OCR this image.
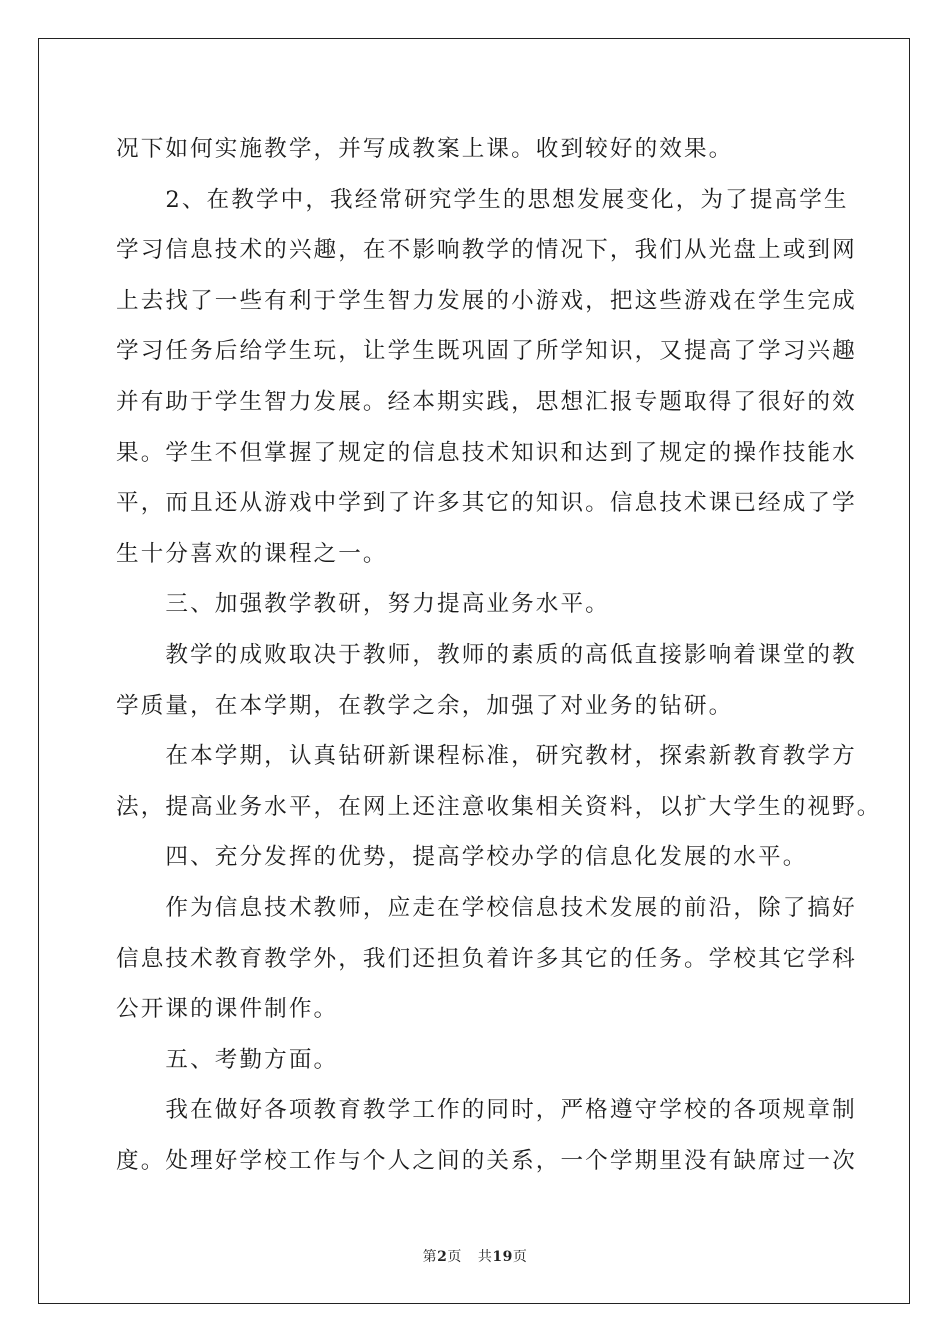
况下如何实施教学，并写成教案上课。收到较好的效果。
　　2、在教学中，我经常研究学生的思想发展变化，为了提高学生
学习信息技术的兴趣，在不影响教学的情况下，我们从光盘上或到网
上去找了一些有利于学生智力发展的小游戏，把这些游戏在学生完成
学习任务后给学生玩，让学生既巩固了所学知识，又提高了学习兴趣
并有助于学生智力发展。经本期实践，思想汇报专题取得了很好的效
果。学生不但掌握了规定的信息技术知识和达到了规定的操作技能水
平，而且还从游戏中学到了许多其它的知识。信息技术课已经成了学
生十分喜欢的课程之一。
　　三、加强教学教研，努力提高业务水平。
　　教学的成败取决于教师，教师的素质的高低直接影响着课堂的教
学质量，在本学期，在教学之余，加强了对业务的钻研。
　　在本学期，认真钻研新课程标准，研究教材，探索新教育教学方
法，提高业务水平，在网上还注意收集相关资料，以扩大学生的视野。
　　四、充分发挥的优势，提高学校办学的信息化发展的水平。
　　作为信息技术教师，应走在学校信息技术发展的前沿，除了搞好
信息技术教育教学外，我们还担负着许多其它的任务。学校其它学科
公开课的课件制作。
　　五、考勤方面。
　　我在做好各项教育教学工作的同时，严格遵守学校的各项规章制
度。处理好学校工作与个人之间的关系，一个学期里没有缺席过一次
第2页 共19页
